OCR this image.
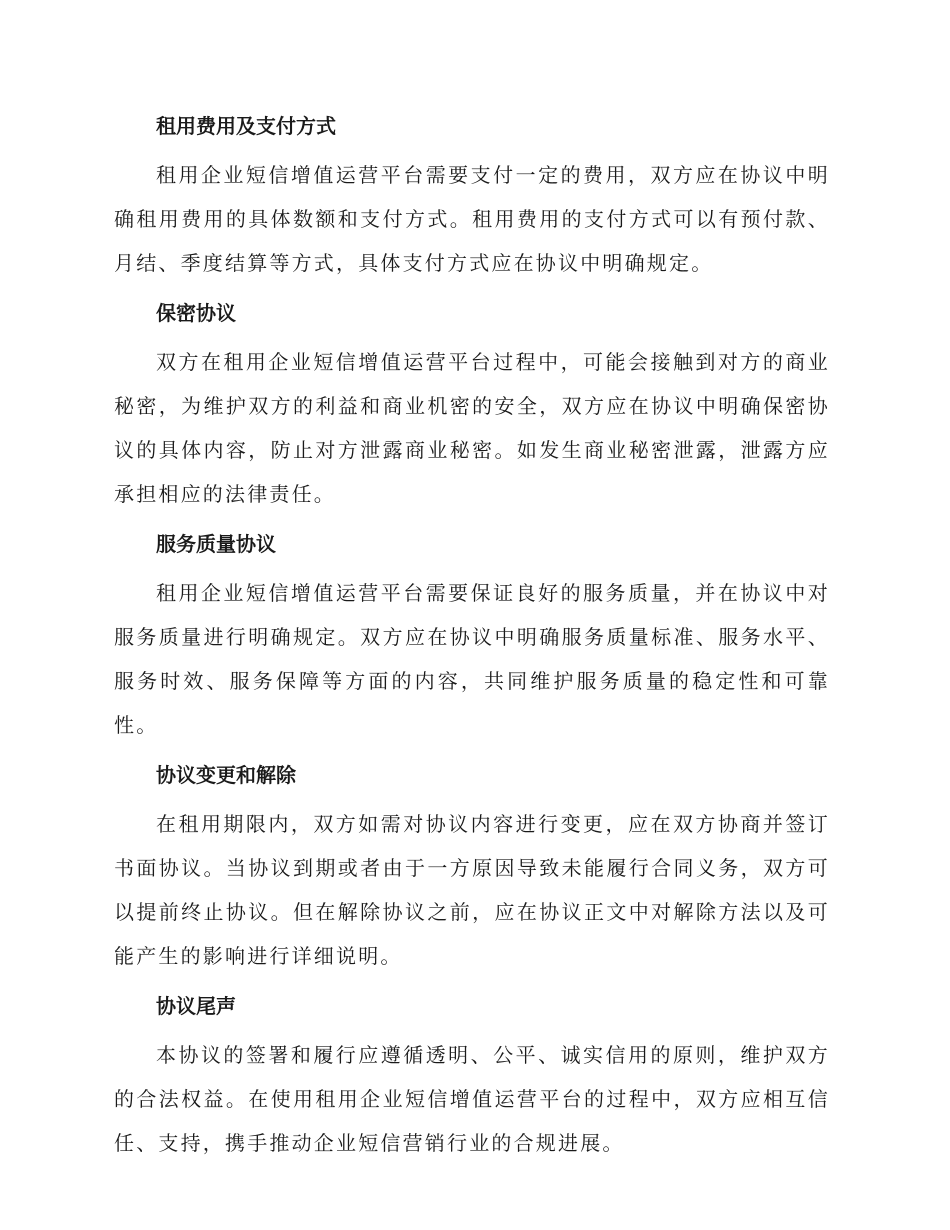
租用费用及支付方式

租用企业短信增值运营平台需要支付一定的费用，双方应在协议中明确租用费用的具体数额和支付方式。租用费用的支付方式可以有预付款、月结、季度结算等方式，具体支付方式应在协议中明确规定。

保密协议

双方在租用企业短信增值运营平台过程中，可能会接触到对方的商业秘密，为维护双方的利益和商业机密的安全，双方应在协议中明确保密协议的具体内容，防止对方泄露商业秘密。如发生商业秘密泄露，泄露方应承担相应的法律责任。

服务质量协议

租用企业短信增值运营平台需要保证良好的服务质量，并在协议中对服务质量进行明确规定。双方应在协议中明确服务质量标准、服务水平、服务时效、服务保障等方面的内容，共同维护服务质量的稳定性和可靠性。

协议变更和解除

在租用期限内，双方如需对协议内容进行变更，应在双方协商并签订书面协议。当协议到期或者由于一方原因导致未能履行合同义务，双方可以提前终止协议。但在解除协议之前，应在协议正文中对解除方法以及可能产生的影响进行详细说明。

协议尾声

本协议的签署和履行应遵循透明、公平、诚实信用的原则，维护双方的合法权益。在使用租用企业短信增值运营平台的过程中，双方应相互信任、支持，携手推动企业短信营销行业的合规进展。
